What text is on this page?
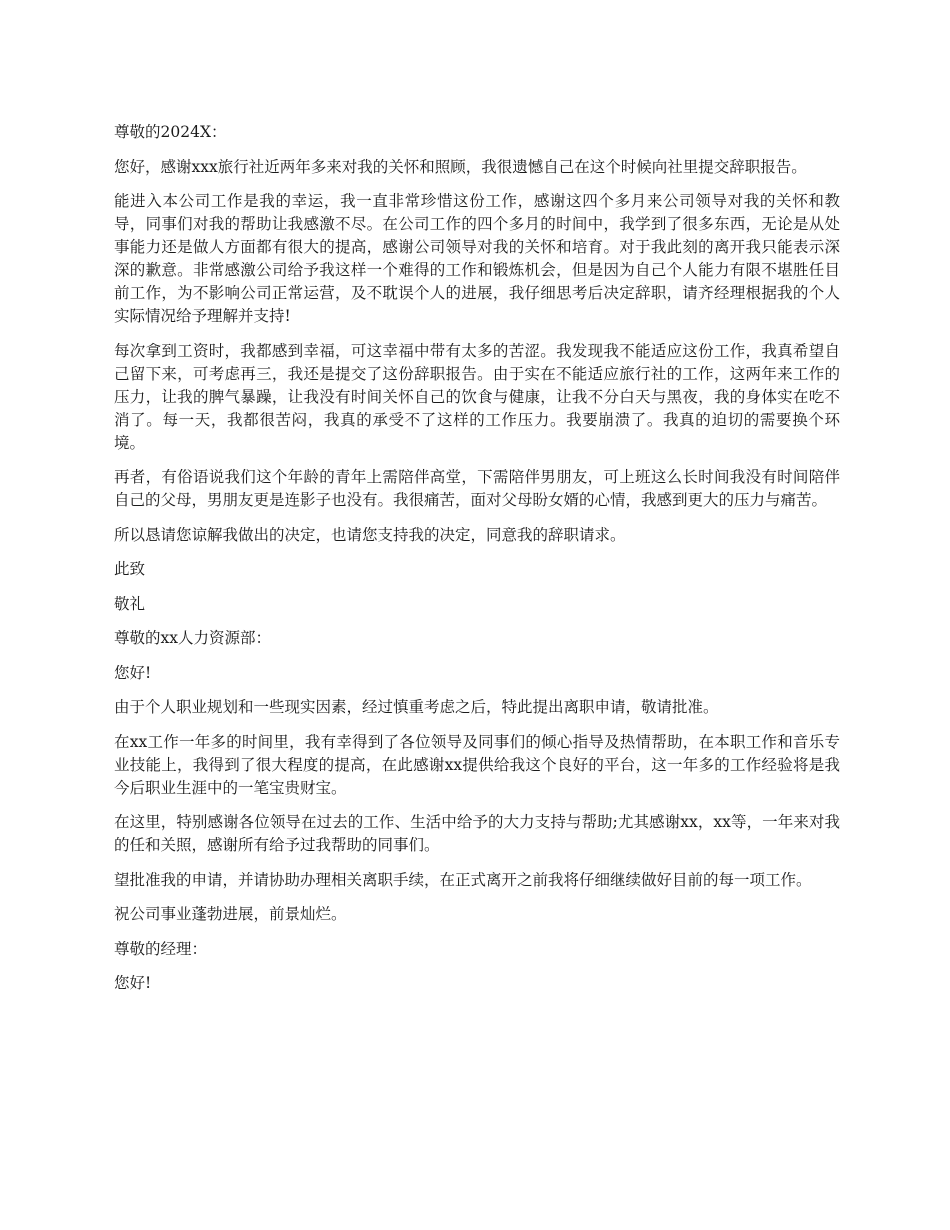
尊敬的2024X：

您好，感谢xxx旅行社近两年多来对我的关怀和照顾，我很遗憾自己在这个时候向社里提交辞职报告。

能进入本公司工作是我的幸运，我一直非常珍惜这份工作，感谢这四个多月来公司领导对我的关怀和教导，同事们对我的帮助让我感激不尽。在公司工作的四个多月的时间中，我学到了很多东西，无论是从处事能力还是做人方面都有很大的提高，感谢公司领导对我的关怀和培育。对于我此刻的离开我只能表示深深的歉意。非常感激公司给予我这样一个难得的工作和锻炼机会，但是因为自己个人能力有限不堪胜任目前工作，为不影响公司正常运营，及不耽误个人的进展，我仔细思考后决定辞职，请齐经理根据我的个人实际情况给予理解并支持!

每次拿到工资时，我都感到幸福，可这幸福中带有太多的苦涩。我发现我不能适应这份工作，我真希望自己留下来，可考虑再三，我还是提交了这份辞职报告。由于实在不能适应旅行社的工作，这两年来工作的压力，让我的脾气暴躁，让我没有时间关怀自己的饮食与健康，让我不分白天与黑夜，我的身体实在吃不消了。每一天，我都很苦闷，我真的承受不了这样的工作压力。我要崩溃了。我真的迫切的需要换个环境。

再者，有俗语说我们这个年龄的青年上需陪伴高堂，下需陪伴男朋友，可上班这么长时间我没有时间陪伴自己的父母，男朋友更是连影子也没有。我很痛苦，面对父母盼女婿的心情，我感到更大的压力与痛苦。

所以恳请您谅解我做出的决定，也请您支持我的决定，同意我的辞职请求。

此致

敬礼

尊敬的xx人力资源部：

您好!

由于个人职业规划和一些现实因素，经过慎重考虑之后，特此提出离职申请，敬请批准。

在xx工作一年多的时间里，我有幸得到了各位领导及同事们的倾心指导及热情帮助，在本职工作和音乐专业技能上，我得到了很大程度的提高，在此感谢xx提供给我这个良好的平台，这一年多的工作经验将是我今后职业生涯中的一笔宝贵财宝。

在这里，特别感谢各位领导在过去的工作、生活中给予的大力支持与帮助;尤其感谢xx，xx等，一年来对我的任和关照，感谢所有给予过我帮助的同事们。

望批准我的申请，并请协助办理相关离职手续，在正式离开之前我将仔细继续做好目前的每一项工作。

祝公司事业蓬勃进展，前景灿烂。

尊敬的经理：

您好!
